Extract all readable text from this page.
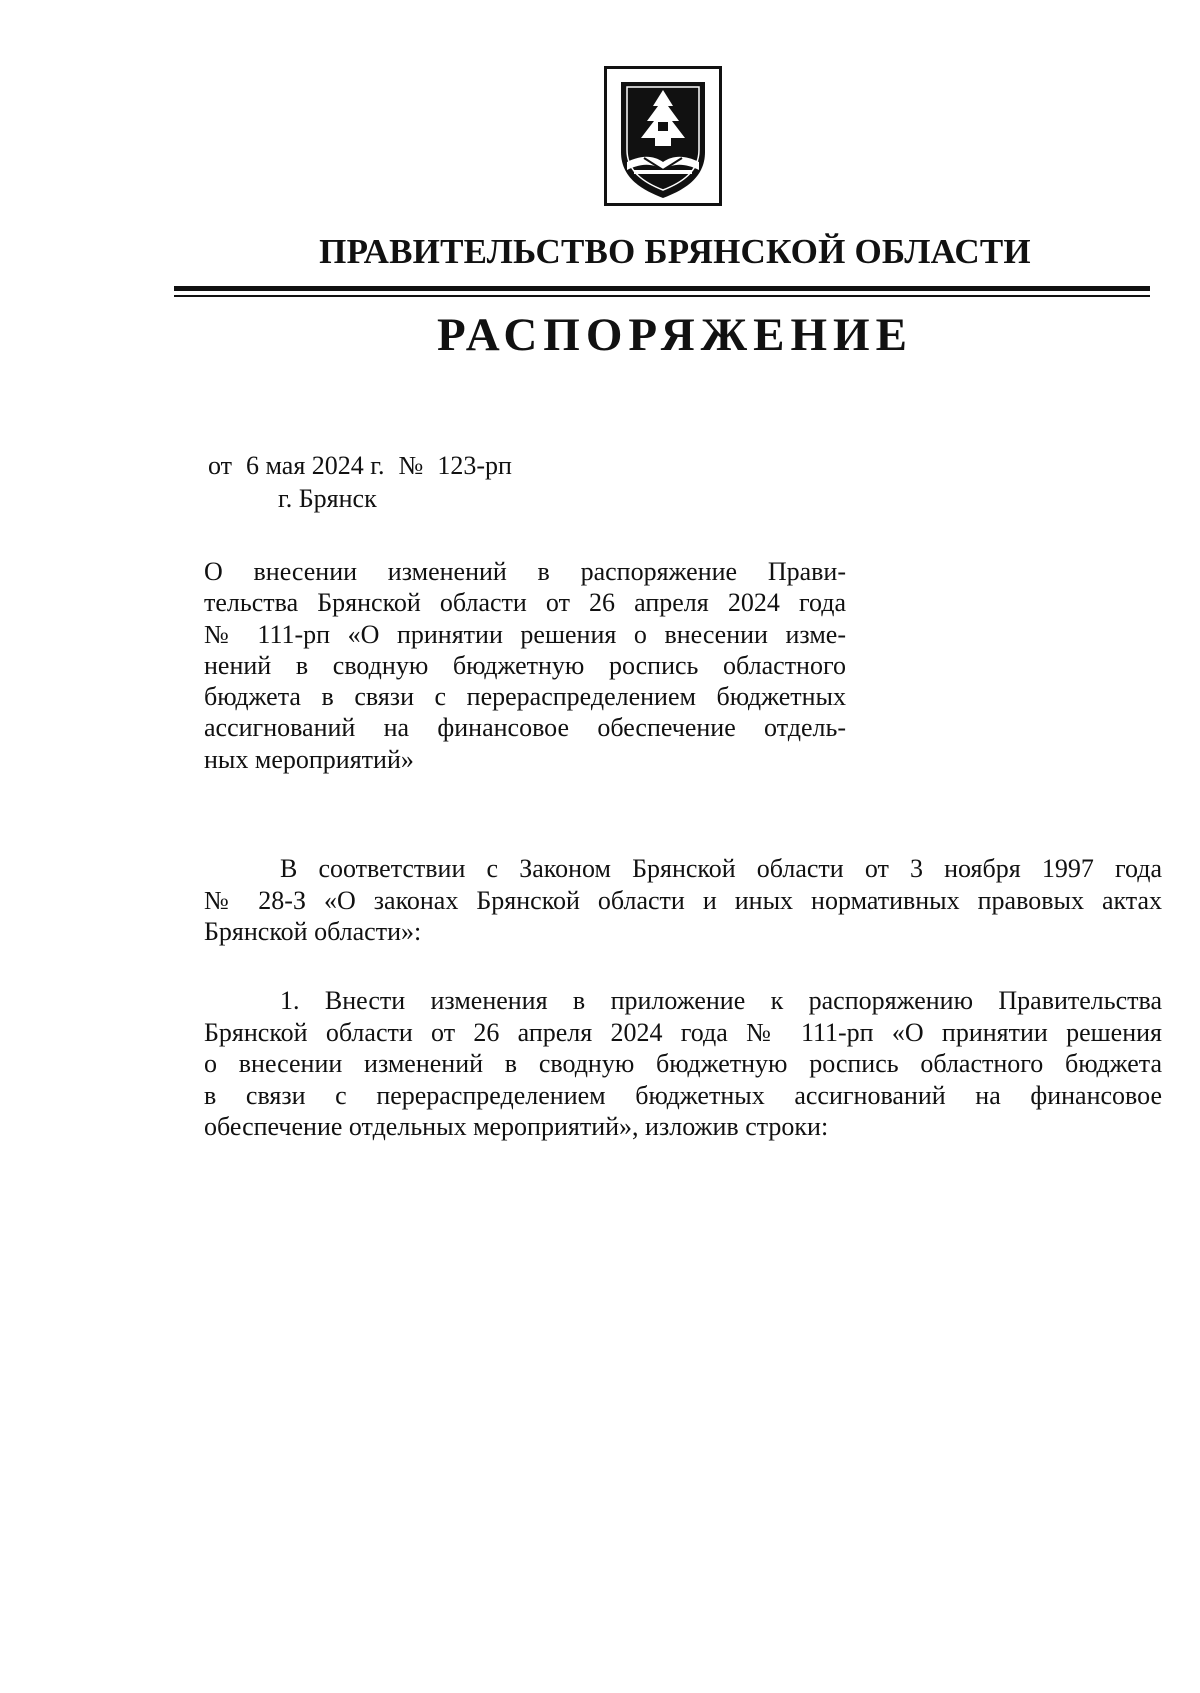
ПРАВИТЕЛЬСТВО БРЯНСКОЙ ОБЛАСТИ
РАСПОРЯЖЕНИЕ
от 6 мая 2024 г. № 123-рп
г. Брянск
О внесении изменений в распоряжение Прави-
тельства Брянской области от 26 апреля 2024 года
№ 111-рп «О принятии решения о внесении изме-
нений в сводную бюджетную роспись областного
бюджета в связи с перераспределением бюджетных
ассигнований на финансовое обеспечение отдель-
ных мероприятий»
В соответствии с Законом Брянской области от 3 ноября 1997 года
№ 28-З «О законах Брянской области и иных нормативных правовых актах
Брянской области»:
1. Внести изменения в приложение к распоряжению Правительства
Брянской области от 26 апреля 2024 года № 111-рп «О принятии решения
о внесении изменений в сводную бюджетную роспись областного бюджета
в связи с перераспределением бюджетных ассигнований на финансовое
обеспечение отдельных мероприятий», изложив строки:
